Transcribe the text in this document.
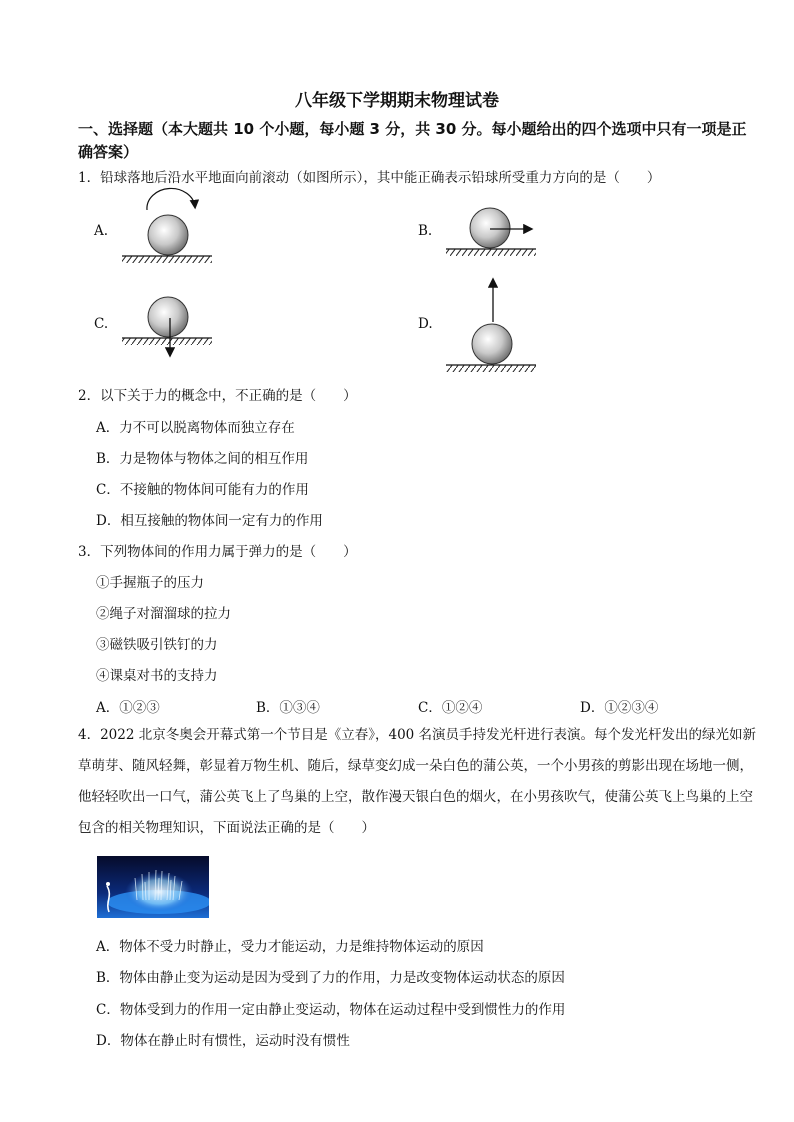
八年级下学期期末物理试卷
一、选择题（本大题共 10 个小题，每小题 3 分，共 30 分。每小题给出的四个选项中只有一项是正确答案）
1．铅球落地后沿水平地面向前滚动（如图所示），其中能正确表示铅球所受重力方向的是（　　）
A.	B.
C.	D.
2．以下关于力的概念中，不正确的是（　　）
A．力不可以脱离物体而独立存在
B．力是物体与物体之间的相互作用
C．不接触的物体间可能有力的作用
D．相互接触的物体间一定有力的作用
3．下列物体间的作用力属于弹力的是（　　）
①手握瓶子的压力
②绳子对溜溜球的拉力
③磁铁吸引铁钉的力
④课桌对书的支持力
A．①②③	B．①③④	C．①②④	D．①②③④
4．2022 北京冬奥会开幕式第一个节目是《立春》，400 名演员手持发光杆进行表演。每个发光杆发出的绿光如新草萌芽、随风轻舞，彰显着万物生机、随后，绿草变幻成一朵白色的蒲公英，一个小男孩的剪影出现在场地一侧，他轻轻吹出一口气，蒲公英飞上了鸟巢的上空，散作漫天银白色的烟火，在小男孩吹气，使蒲公英飞上鸟巢的上空包含的相关物理知识，下面说法正确的是（　　）
A．物体不受力时静止，受力才能运动，力是维持物体运动的原因
B．物体由静止变为运动是因为受到了力的作用，力是改变物体运动状态的原因
C．物体受到力的作用一定由静止变运动，物体在运动过程中受到惯性力的作用
D．物体在静止时有惯性，运动时没有惯性
